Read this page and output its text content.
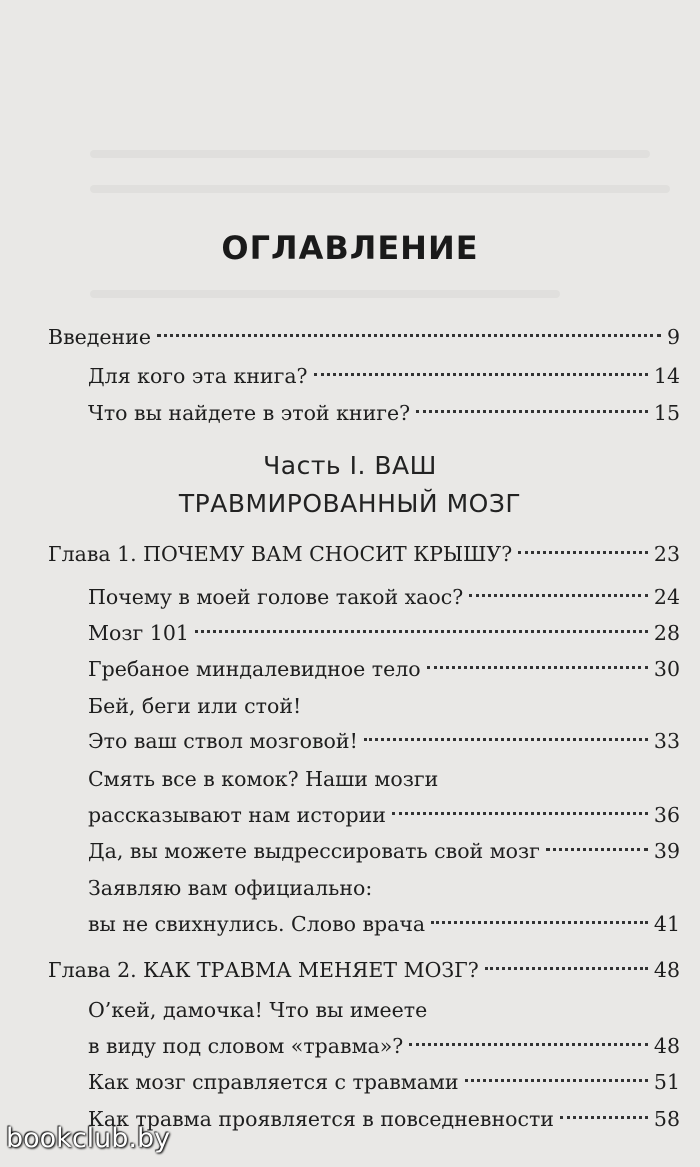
ОГЛАВЛЕНИЕ
Введение	9
Для кого эта книга?	14
Что вы найдете в этой книге?	15
Часть I. ВАШ
ТРАВМИРОВАННЫЙ МОЗГ
Глава 1. ПОЧЕМУ ВАМ СНОСИТ КРЫШУ?	23
Почему в моей голове такой хаос?	24
Мозг 101	28
Гребаное миндалевидное тело	30
Бей, беги или стой!
Это ваш ствол мозговой!	33
Смять все в комок? Наши мозги
рассказывают нам истории	36
Да, вы можете выдрессировать свой мозг	39
Заявляю вам официально:
вы не свихнулись. Слово врача	41
Глава 2. КАК ТРАВМА МЕНЯЕТ МОЗГ?	48
О’кей, дамочка! Что вы имеете
в виду под словом «травма»?	48
Как мозг справляется с травмами	51
Как травма проявляется в повседневности	58
bookclub.by
